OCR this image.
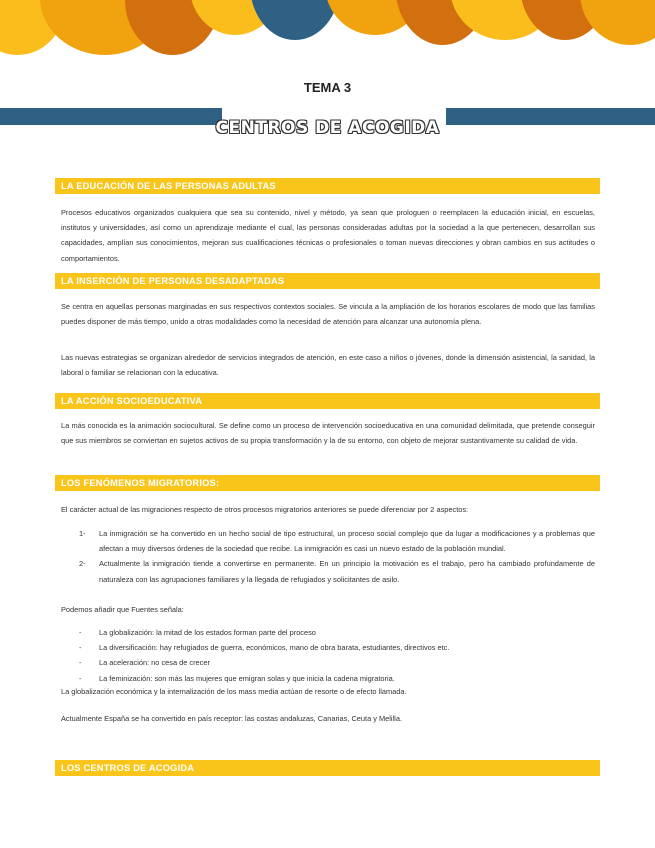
TEMA 3
CENTROS DE ACOGIDA
LA EDUCACIÓN DE LAS PERSONAS ADULTAS

Procesos educativos organizados cualquiera que sea su contenido, nivel y método, ya sean que prologuen o reemplacen la educación inicial, en escuelas, institutos y universidades, así como un aprendizaje mediante el cual, las personas consideradas adultas por la sociedad a la que pertenecen, desarrollan sus capacidades, amplían sus conocimientos, mejoran sus cualificaciones técnicas o profesionales o toman nuevas direcciones y obran cambios en sus actitudes o comportamientos.

LA INSERCIÓN DE PERSONAS DESADAPTADAS

Se centra en aquellas personas marginadas en sus respectivos contextos sociales. Se vincula a la ampliación de los horarios escolares de modo que las familias puedes disponer de más tiempo, unido a otras modalidades como la necesidad de atención para alcanzar una autonomía plena.

Las nuevas estrategias se organizan alrededor de servicios integrados de atención, en este caso a niños o jóvenes, donde la dimensión asistencial, la sanidad, la laboral o familiar se relacionan con la educativa.

LA ACCIÓN SOCIOEDUCATIVA

La más conocida es la animación sociocultural. Se define como un proceso de intervención socioeducativa en una comunidad delimitada, que pretende conseguir que sus miembros se conviertan en sujetos activos de su propia transformación y la de su entorno, con objeto de mejorar sustantivamente su calidad de vida.

LOS FENÓMENOS MIGRATORIOS:

El carácter actual de las migraciones respecto de otros procesos migratorios anteriores se puede diferenciar por 2 aspectos:

1- La inmigración se ha convertido en un hecho social de tipo estructural, un proceso social complejo que da lugar a modificaciones y a problemas que afectan a muy diversos órdenes de la sociedad que recibe. La inmigración es casi un nuevo estado de la población mundial.
2- Actualmente la inmigración tiende a convertirse en permanente. En un principio la motivación es el trabajo, pero ha cambiado profundamente de naturaleza con las agrupaciones familiares y la llegada de refugiados y solicitantes de asilo.

Podemos añadir que Fuentes señala:

- La globalización: la mitad de los estados forman parte del proceso
- La diversificación: hay refugiados de guerra, económicos, mano de obra barata, estudiantes, directivos etc.
- La aceleración: no cesa de crecer
- La feminización: son más las mujeres que emigran solas y que inicia la cadena migratoria.

La globalización económica y la internalización de los mass media actúan de resorte o de efecto llamada.

Actualmente España se ha convertido en país receptor: las costas andaluzas, Canarias, Ceuta y Melilla.

LOS CENTROS DE ACOGIDA
